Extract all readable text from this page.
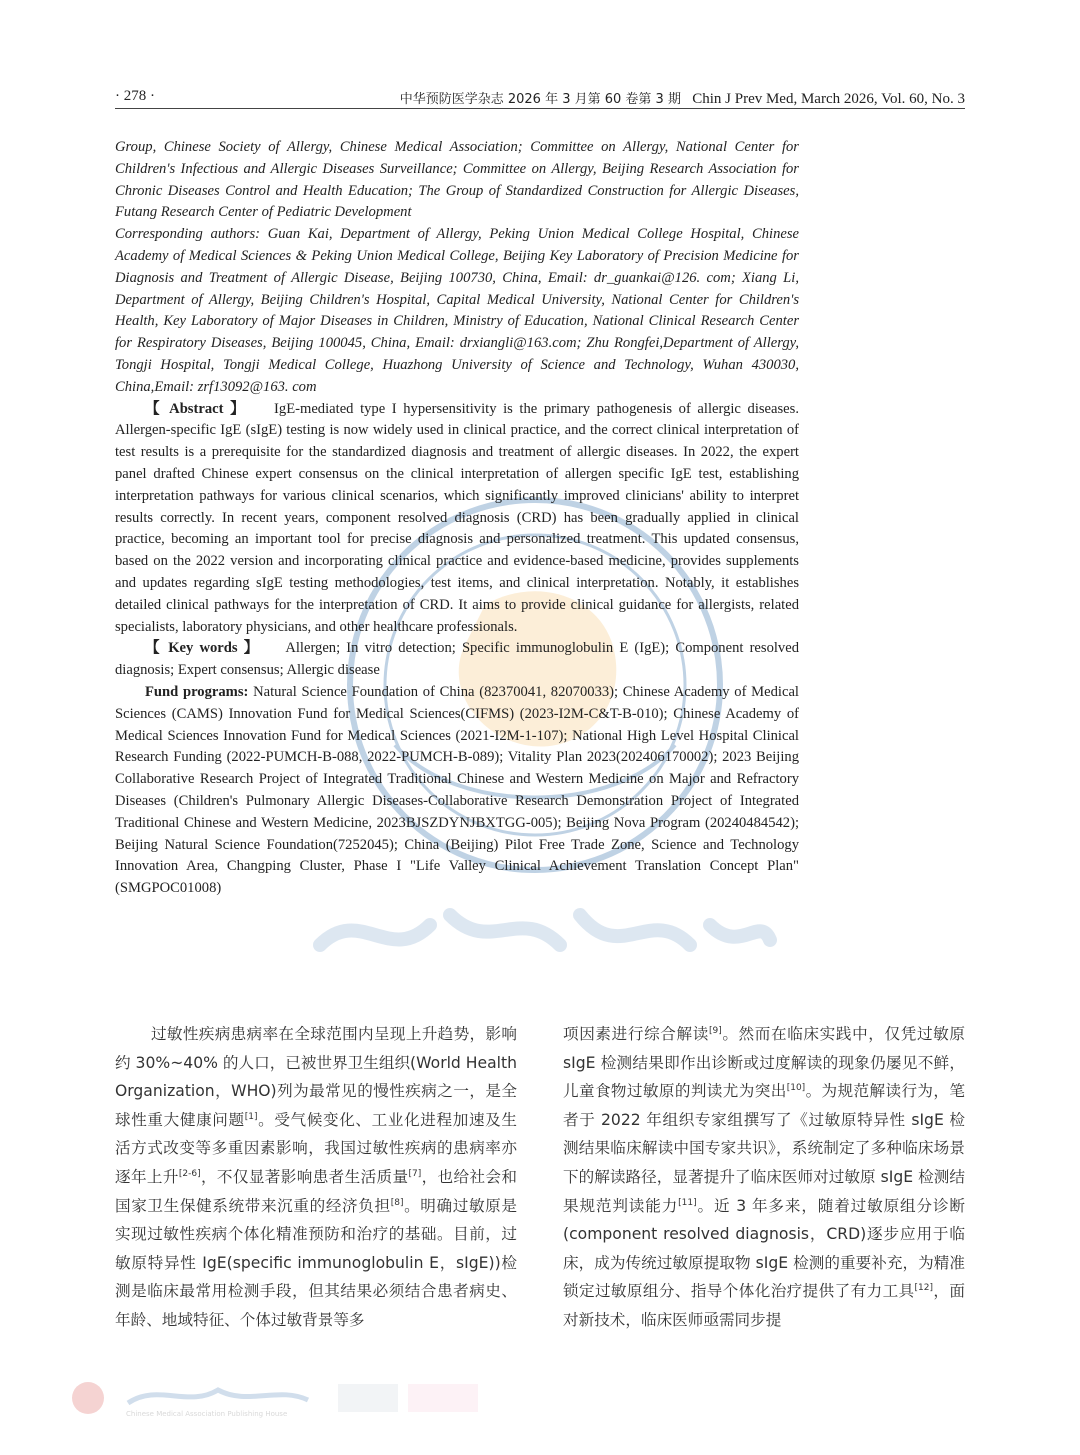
· 278 ·	中华预防医学杂志 2026 年 3 月第 60 卷第 3 期 Chin J Prev Med, March 2026, Vol. 60, No. 3

Group, Chinese Society of Allergy, Chinese Medical Association; Committee on Allergy, National Center for Children's Infectious and Allergic Diseases Surveillance; Committee on Allergy, Beijing Research Association for Chronic Diseases Control and Health Education; The Group of Standardized Construction for Allergic Diseases, Futang Research Center of Pediatric Development

Corresponding authors: Guan Kai, Department of Allergy, Peking Union Medical College Hospital, Chinese Academy of Medical Sciences & Peking Union Medical College, Beijing Key Laboratory of Precision Medicine for Diagnosis and Treatment of Allergic Disease, Beijing 100730, China, Email: dr_guankai@126. com; Xiang Li, Department of Allergy, Beijing Children's Hospital, Capital Medical University, National Center for Children's Health, Key Laboratory of Major Diseases in Children, Ministry of Education, National Clinical Research Center for Respiratory Diseases, Beijing 100045, China, Email: drxiangli@163.com; Zhu Rongfei,Department of Allergy, Tongji Hospital, Tongji Medical College, Huazhong University of Science and Technology, Wuhan 430030, China,Email: zrf13092@163. com

【 Abstract 】 IgE-mediated type I hypersensitivity is the primary pathogenesis of allergic diseases. Allergen-specific IgE (sIgE) testing is now widely used in clinical practice, and the correct clinical interpretation of test results is a prerequisite for the standardized diagnosis and treatment of allergic diseases. In 2022, the expert panel drafted Chinese expert consensus on the clinical interpretation of allergen specific IgE test, establishing interpretation pathways for various clinical scenarios, which significantly improved clinicians' ability to interpret results correctly. In recent years, component resolved diagnosis (CRD) has been gradually applied in clinical practice, becoming an important tool for precise diagnosis and personalized treatment. This updated consensus, based on the 2022 version and incorporating clinical practice and evidence-based medicine, provides supplements and updates regarding sIgE testing methodologies, test items, and clinical interpretation. Notably, it establishes detailed clinical pathways for the interpretation of CRD. It aims to provide clinical guidance for allergists, related specialists, laboratory physicians, and other healthcare professionals.

【 Key words 】 Allergen; In vitro detection; Specific immunoglobulin E (IgE); Component resolved diagnosis; Expert consensus; Allergic disease

Fund programs: Natural Science Foundation of China (82370041, 82070033); Chinese Academy of Medical Sciences (CAMS) Innovation Fund for Medical Sciences(CIFMS) (2023-I2M-C&T-B-010); Chinese Academy of Medical Sciences Innovation Fund for Medical Sciences (2021-I2M-1-107); National High Level Hospital Clinical Research Funding (2022-PUMCH-B-088, 2022-PUMCH-B-089); Vitality Plan 2023(202406170002); 2023 Beijing Collaborative Research Project of Integrated Traditional Chinese and Western Medicine on Major and Refractory Diseases (Children's Pulmonary Allergic Diseases-Collaborative Research Demonstration Project of Integrated Traditional Chinese and Western Medicine, 2023BJSZDYNJBXTGG-005); Beijing Nova Program (20240484542); Beijing Natural Science Foundation(7252045); China (Beijing) Pilot Free Trade Zone, Science and Technology Innovation Area, Changping Cluster, Phase I "Life Valley Clinical Achievement Translation Concept Plan"(SMGPOC01008)

过敏性疾病患病率在全球范围内呈现上升趋势，影响约 30%~40% 的人口，已被世界卫生组织(World Health Organization，WHO)列为最常见的慢性疾病之一，是全球性重大健康问题[1]。受气候变化、工业化进程加速及生活方式改变等多重因素影响，我国过敏性疾病的患病率亦逐年上升[2-6]，不仅显著影响患者生活质量[7]，也给社会和国家卫生保健系统带来沉重的经济负担[8]。明确过敏原是实现过敏性疾病个体化精准预防和治疗的基础。目前，过敏原特异性 IgE(specific immunoglobulin E，sIgE))检测是临床最常用检测手段，但其结果必须结合患者病史、年龄、地域特征、个体过敏背景等多

项因素进行综合解读[9]。然而在临床实践中，仅凭过敏原 sIgE 检测结果即作出诊断或过度解读的现象仍屡见不鲜，儿童食物过敏原的判读尤为突出[10]。为规范解读行为，笔者于 2022 年组织专家组撰写了《过敏原特异性 sIgE 检测结果临床解读中国专家共识》，系统制定了多种临床场景下的解读路径，显著提升了临床医师对过敏原 sIgE 检测结果规范判读能力[11]。近 3 年多来，随着过敏原组分诊断(component resolved diagnosis，CRD)逐步应用于临床，成为传统过敏原提取物 sIgE 检测的重要补充，为精准锁定过敏原组分、指导个体化治疗提供了有力工具[12]，面对新技术，临床医师亟需同步提

Chinese Medical Association Publishing House
